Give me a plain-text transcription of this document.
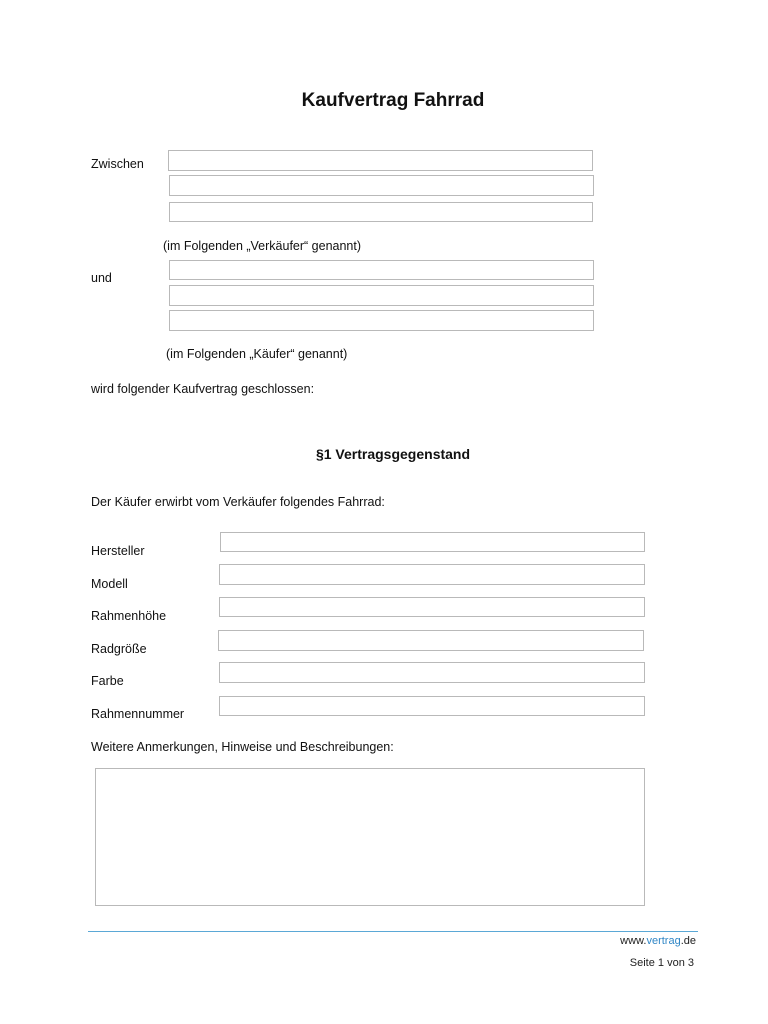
Kaufvertrag Fahrrad
Zwischen
(im Folgenden „Verkäufer“ genannt)
und
(im Folgenden „Käufer“ genannt)
wird folgender Kaufvertrag geschlossen:
§1 Vertragsgegenstand
Der Käufer erwirbt vom Verkäufer folgendes Fahrrad:
Hersteller
Modell
Rahmenhöhe
Radgröße
Farbe
Rahmennummer
Weitere Anmerkungen, Hinweise und Beschreibungen:
www.vertrag.de
Seite 1 von 3
